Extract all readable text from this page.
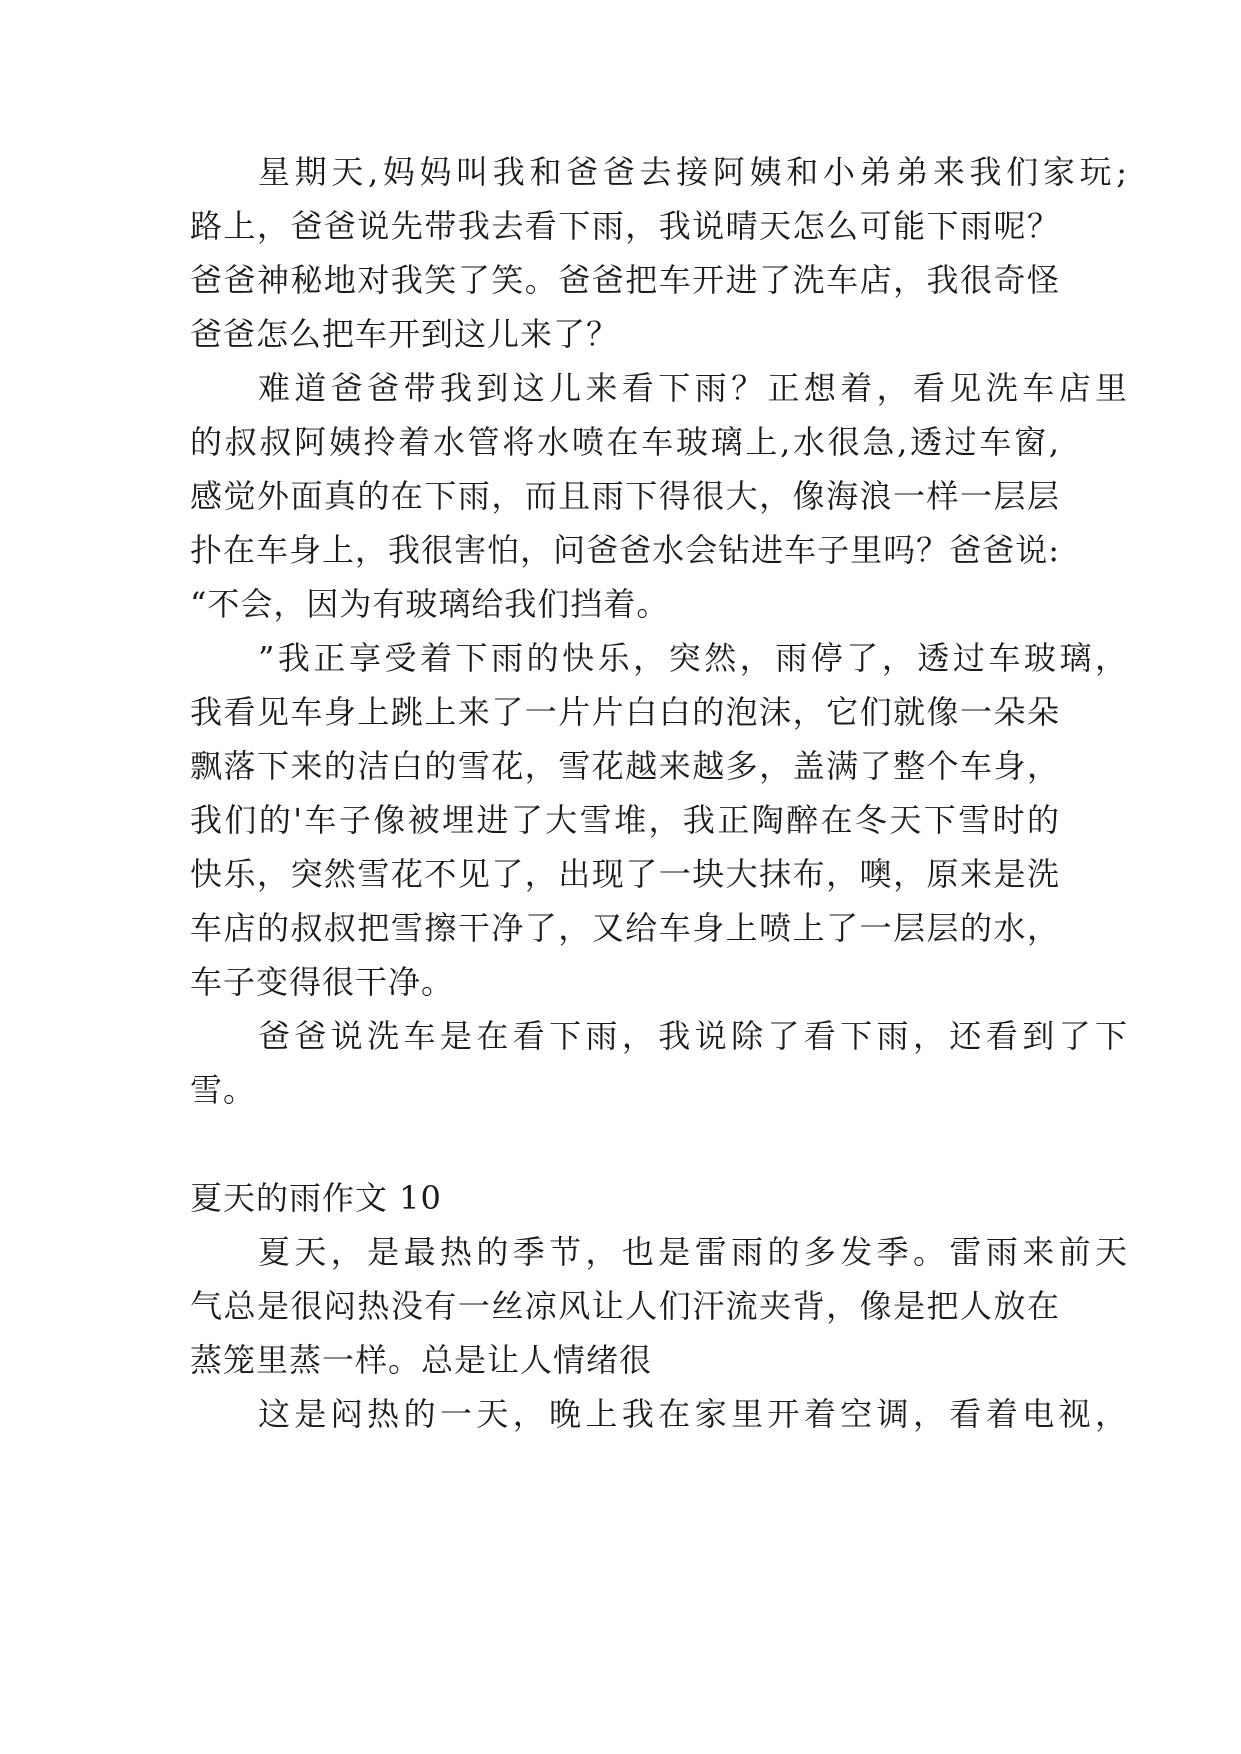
星期天,妈妈叫我和爸爸去接阿姨和小弟弟来我们家玩;
路上，爸爸说先带我去看下雨，我说晴天怎么可能下雨呢？
爸爸神秘地对我笑了笑。爸爸把车开进了洗车店，我很奇怪
爸爸怎么把车开到这儿来了？
难道爸爸带我到这儿来看下雨？正想着，看见洗车店里
的叔叔阿姨拎着水管将水喷在车玻璃上,水很急,透过车窗,
感觉外面真的在下雨，而且雨下得很大，像海浪一样一层层
扑在车身上，我很害怕，问爸爸水会钻进车子里吗？爸爸说:
“不会，因为有玻璃给我们挡着。
”我正享受着下雨的快乐，突然，雨停了，透过车玻璃，
我看见车身上跳上来了一片片白白的泡沫，它们就像一朵朵
飘落下来的洁白的雪花，雪花越来越多，盖满了整个车身，
我们的'车子像被埋进了大雪堆，我正陶醉在冬天下雪时的
快乐，突然雪花不见了，出现了一块大抹布，噢，原来是洗
车店的叔叔把雪擦干净了，又给车身上喷上了一层层的水，
车子变得很干净。
爸爸说洗车是在看下雨，我说除了看下雨，还看到了下
雪。
夏天的雨作文 10
夏天，是最热的季节，也是雷雨的多发季。雷雨来前天
气总是很闷热没有一丝凉风让人们汗流夹背，像是把人放在
蒸笼里蒸一样。总是让人情绪很
这是闷热的一天，晚上我在家里开着空调，看着电视，
